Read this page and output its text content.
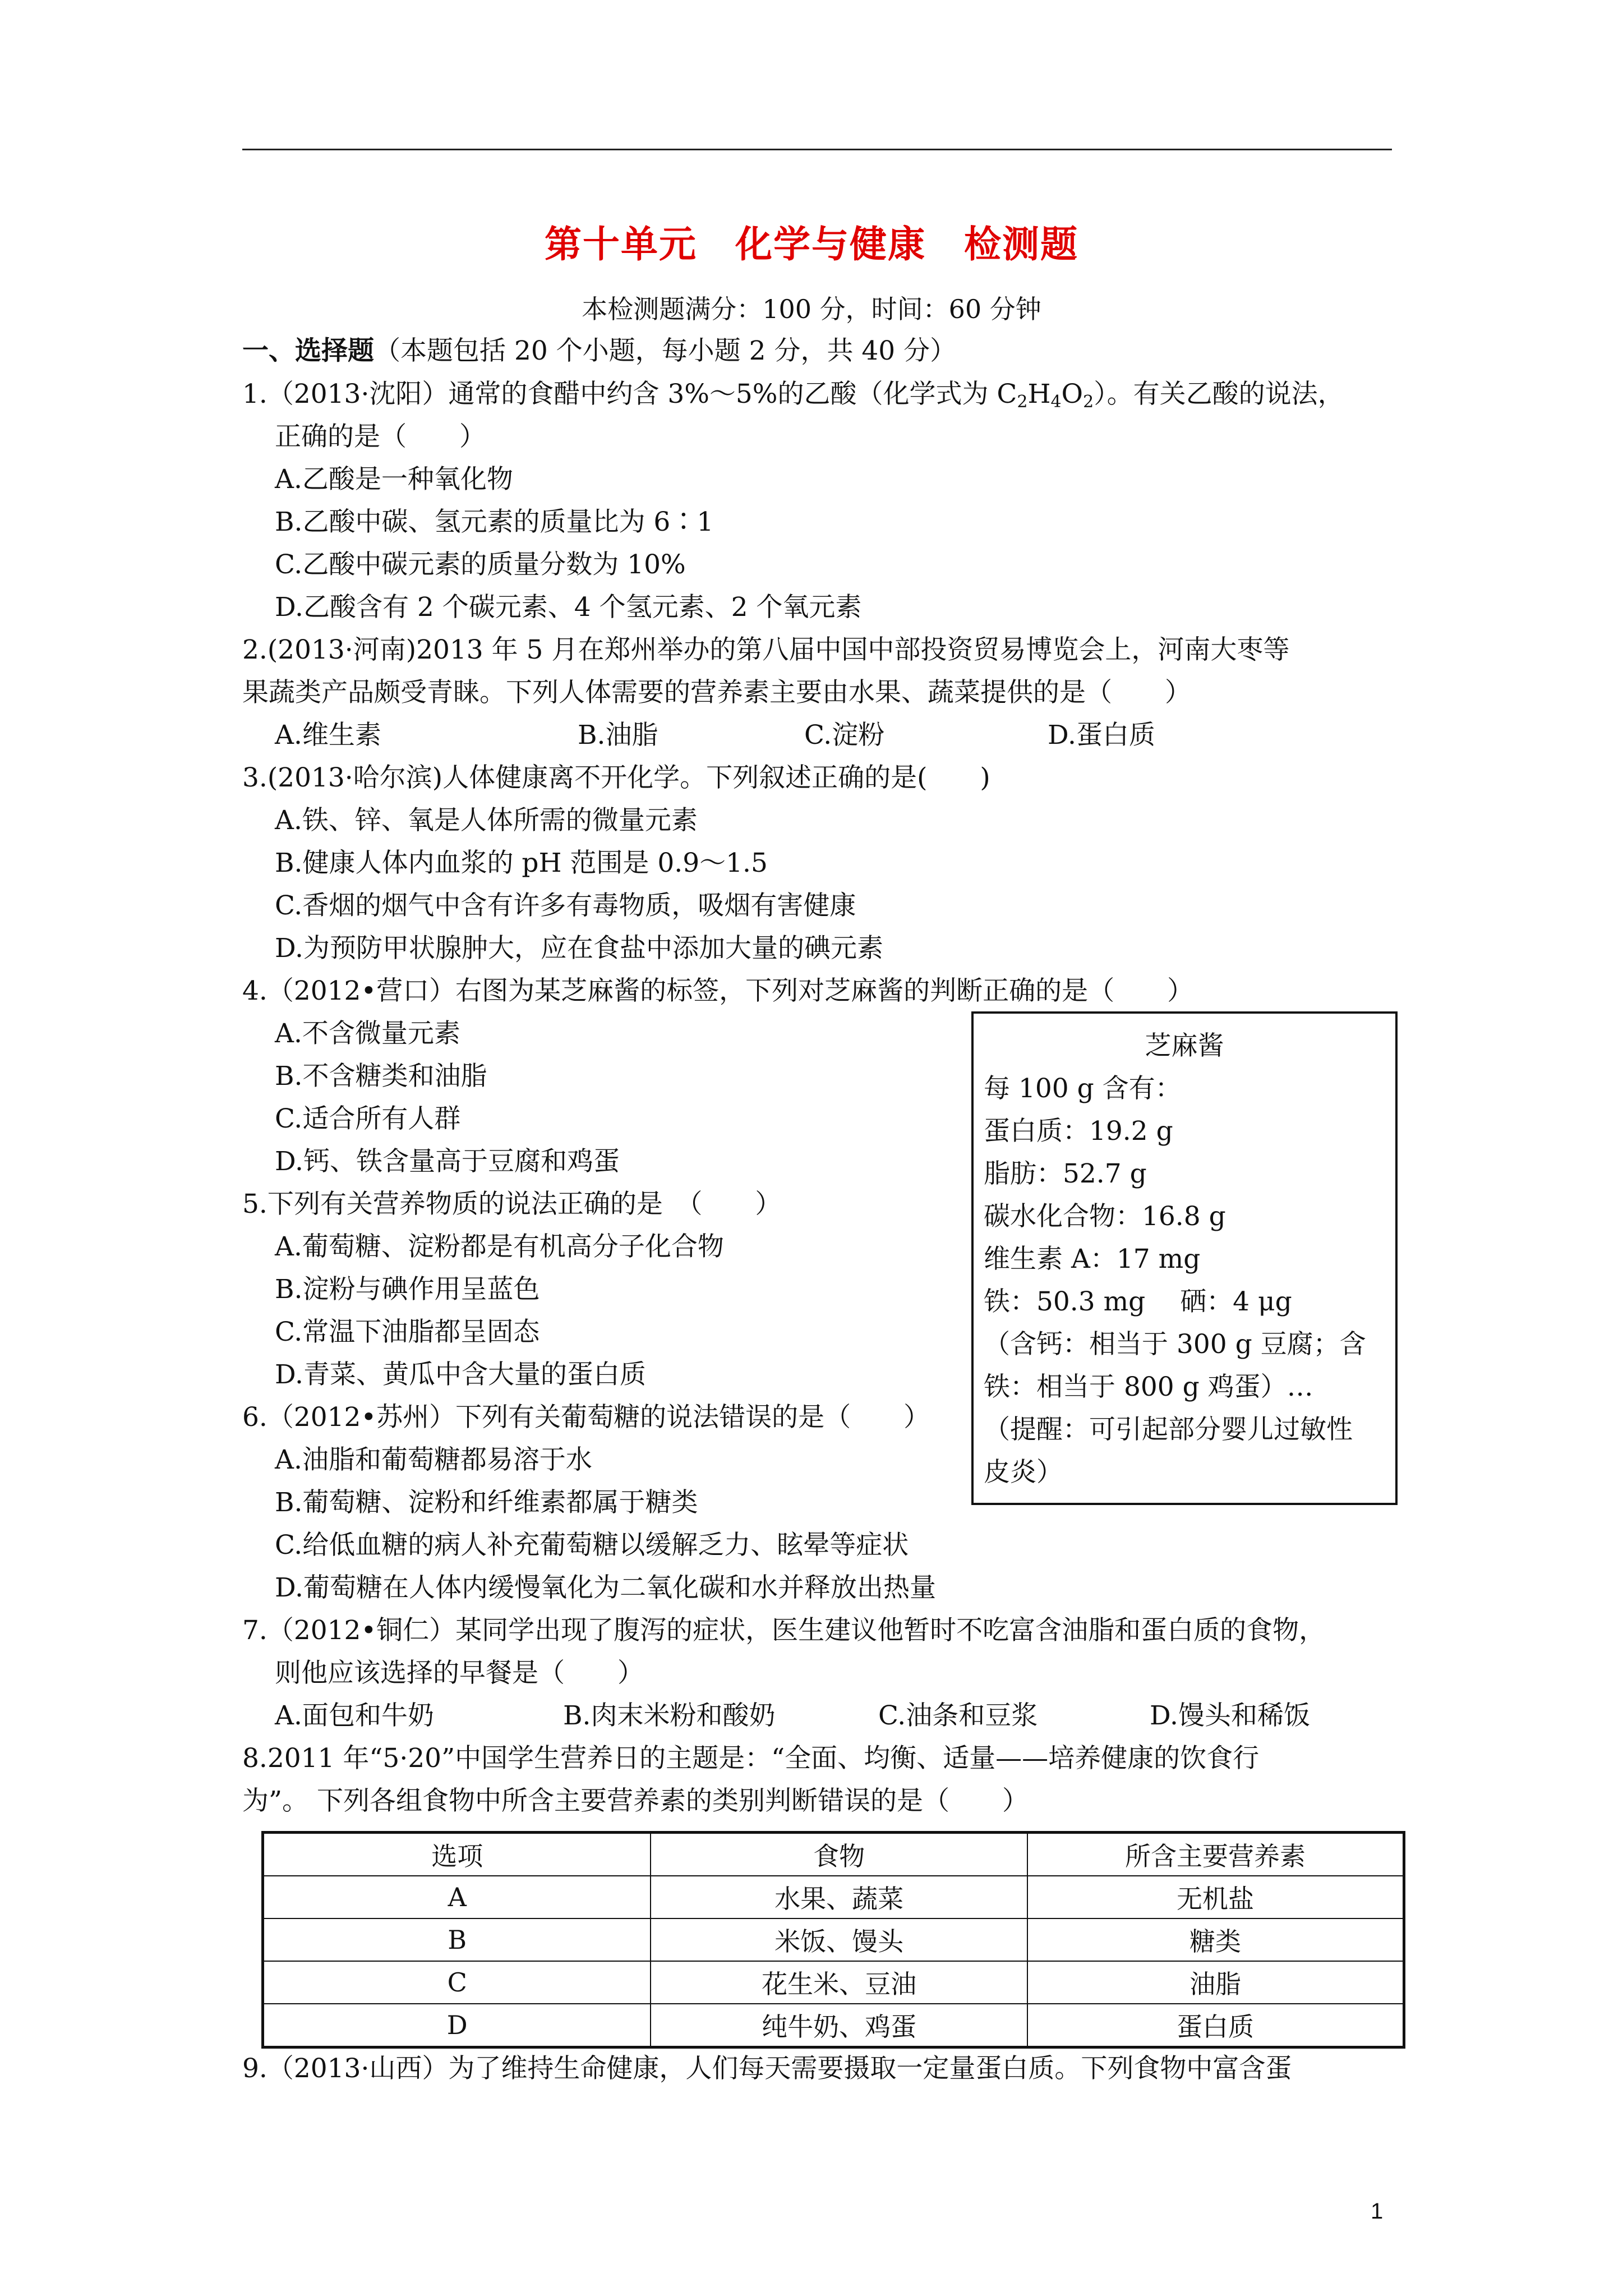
第十单元　化学与健康　检测题
本检测题满分：100 分，时间：60 分钟
一、选择题（本题包括 20 个小题，每小题 2 分，共 40 分）
1.（2013·沈阳）通常的食醋中约含 3%～5%的乙酸（化学式为 $C_2H_4O_2$）。有关乙酸的说法，
正确的是（　　）
A.乙酸是一种氧化物
B.乙酸中碳、氢元素的质量比为 6∶1
C.乙酸中碳元素的质量分数为 10%
D.乙酸含有 2 个碳元素、4 个氢元素、2 个氧元素
2.(2013·河南)2013 年 5 月在郑州举办的第八届中国中部投资贸易博览会上，河南大枣等
果蔬类产品颇受青睐。下列人体需要的营养素主要由水果、蔬菜提供的是（　　）

A.维生素

	B.油脂

	C.淀粉

	D.蛋白质

3.(2013·哈尔滨)人体健康离不开化学。下列叙述正确的是(　　)
A.铁、锌、氧是人体所需的微量元素
B.健康人体内血浆的 pH 范围是 0.9～1.5
C.香烟的烟气中含有许多有毒物质，吸烟有害健康
D.为预防甲状腺肿大，应在食盐中添加大量的碘元素
4.（2012•营口）右图为某芝麻酱的标签，下列对芝麻酱的判断正确的是（　　）
A.不含微量元素
B.不含糖类和油脂
C.适合所有人群
D.钙、铁含量高于豆腐和鸡蛋
芝麻酱
每 100 g 含有：
蛋白质：19.2 g
脂肪：52.7 g
碳水化合物：16.8 g
维生素 A：17 mg
铁：50.3 mg　 硒：4 μg
（含钙：相当于 300 g 豆腐；含
铁：相当于 800 g 鸡蛋）…
（提醒：可引起部分婴儿过敏性
皮炎）
5.下列有关营养物质的说法正确的是　（　　）
A.葡萄糖、淀粉都是有机高分子化合物
B.淀粉与碘作用呈蓝色
C.常温下油脂都呈固态
D.青菜、黄瓜中含大量的蛋白质
6.（2012•苏州）下列有关葡萄糖的说法错误的是（　　）
A.油脂和葡萄糖都易溶于水
B.葡萄糖、淀粉和纤维素都属于糖类
C.给低血糖的病人补充葡萄糖以缓解乏力、眩晕等症状
D.葡萄糖在人体内缓慢氧化为二氧化碳和水并释放出热量
7.（2012•铜仁）某同学出现了腹泻的症状，医生建议他暂时不吃富含油脂和蛋白质的食物，
则他应该选择的早餐是（　　）

A.面包和牛奶

	B.肉末米粉和酸奶

	C.油条和豆浆

	D.馒头和稀饭

8.2011 年“5·20”中国学生营养日的主题是：“全面、均衡、适量——培养健康的饮食行
为”。 下列各组食物中所含主要营养素的类别判断错误的是（　　）
选项	食物	所含主要营养素
A	水果、蔬菜	无机盐
B	米饭、馒头	糖类
C	花生米、豆油	油脂
D	纯牛奶、鸡蛋	蛋白质
9.（2013·山西）为了维持生命健康，人们每天需要摄取一定量蛋白质。下列食物中富含蛋
1
